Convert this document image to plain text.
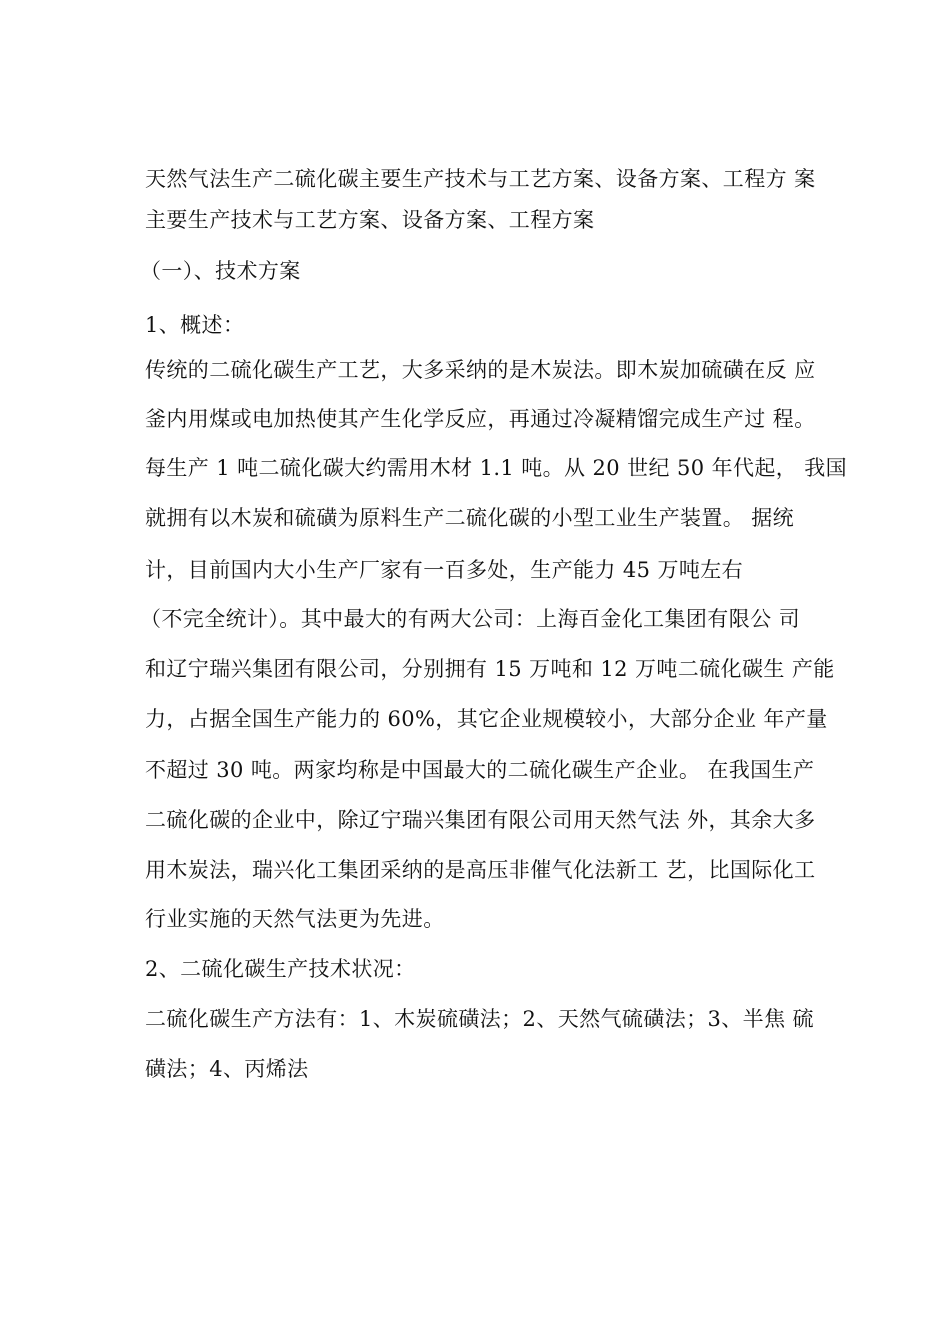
天然气法生产二硫化碳主要生产技术与工艺方案、设备方案、工程方 案
主要生产技术与工艺方案、设备方案、工程方案
（一）、技术方案
1、概述：
传统的二硫化碳生产工艺，大多采纳的是木炭法。即木炭加硫磺在反 应
釜内用煤或电加热使其产生化学反应，再通过冷凝精馏完成生产过 程。
每生产 1 吨二硫化碳大约需用木材 1.1 吨。从 20 世纪 50 年代起， 我国
就拥有以木炭和硫磺为原料生产二硫化碳的小型工业生产装置。 据统
计，目前国内大小生产厂家有一百多处，生产能力 45 万吨左右
（不完全统计）。其中最大的有两大公司：上海百金化工集团有限公 司
和辽宁瑞兴集团有限公司，分别拥有 15 万吨和 12 万吨二硫化碳生 产能
力，占据全国生产能力的 60%，其它企业规模较小，大部分企业 年产量
不超过 30 吨。两家均称是中国最大的二硫化碳生产企业。 在我国生产
二硫化碳的企业中，除辽宁瑞兴集团有限公司用天然气法 外，其余大多
用木炭法，瑞兴化工集团采纳的是高压非催气化法新工 艺，比国际化工
行业实施的天然气法更为先进。
2、二硫化碳生产技术状况：
二硫化碳生产方法有：1、木炭硫磺法；2、天然气硫磺法；3、半焦 硫
磺法；4、丙烯法
